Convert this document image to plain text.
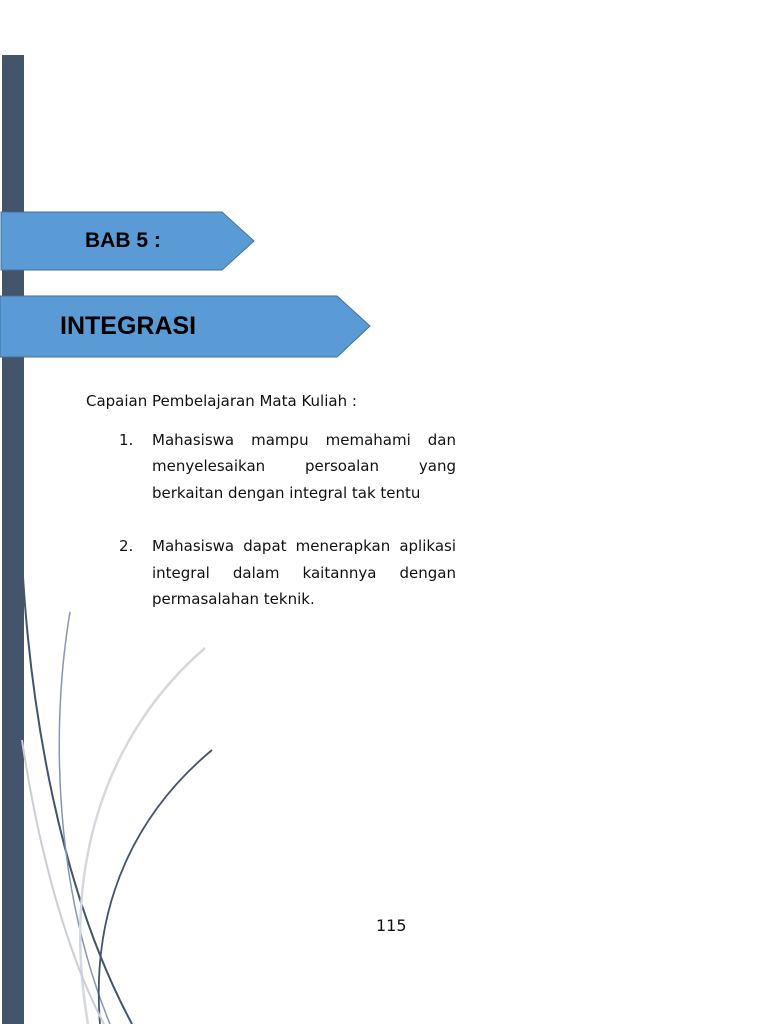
BAB 5 :
INTEGRASI

Capaian Pembelajaran Mata Kuliah :

1.	Mahasiswa mampu memahami dan menyelesaikan persoalan yang berkaitan dengan integral tak tentu
2.	Mahasiswa dapat menerapkan aplikasi integral dalam kaitannya dengan permasalahan teknik.
115
